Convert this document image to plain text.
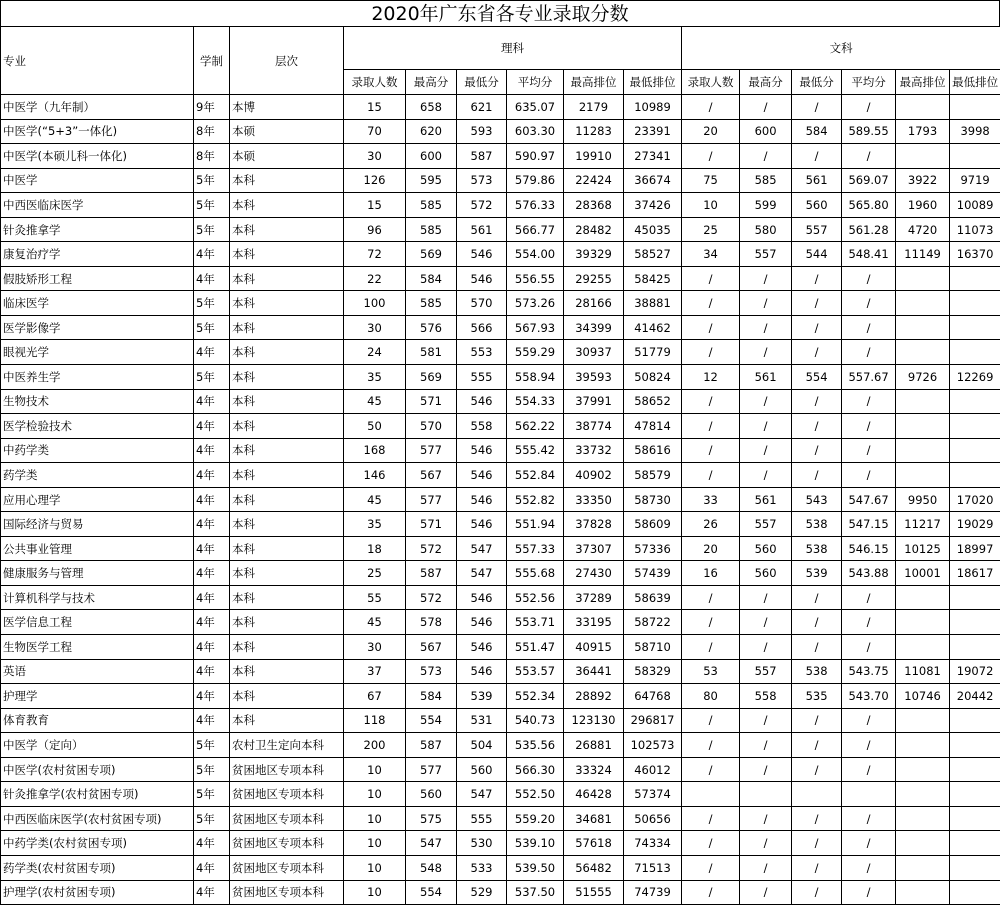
2020年广东省各专业录取分数
专业	学制	层次	理科						文科					
			录取人数	最高分	最低分	平均分	最高排位	最低排位	录取人数	最高分	最低分	平均分	最高排位	最低排位
中医学（九年制）	9年	本博	15	658	621	635.07	2179	10989	/	/	/	/		
中医学(“5+3”一体化)	8年	本硕	70	620	593	603.30	11283	23391	20	600	584	589.55	1793	3998
中医学(本硕儿科一体化)	8年	本硕	30	600	587	590.97	19910	27341	/	/	/	/		
中医学	5年	本科	126	595	573	579.86	22424	36674	75	585	561	569.07	3922	9719
中西医临床医学	5年	本科	15	585	572	576.33	28368	37426	10	599	560	565.80	1960	10089
针灸推拿学	5年	本科	96	585	561	566.77	28482	45035	25	580	557	561.28	4720	11073
康复治疗学	4年	本科	72	569	546	554.00	39329	58527	34	557	544	548.41	11149	16370
假肢矫形工程	4年	本科	22	584	546	556.55	29255	58425	/	/	/	/		
临床医学	5年	本科	100	585	570	573.26	28166	38881	/	/	/	/		
医学影像学	5年	本科	30	576	566	567.93	34399	41462	/	/	/	/		
眼视光学	4年	本科	24	581	553	559.29	30937	51779	/	/	/	/		
中医养生学	5年	本科	35	569	555	558.94	39593	50824	12	561	554	557.67	9726	12269
生物技术	4年	本科	45	571	546	554.33	37991	58652	/	/	/	/		
医学检验技术	4年	本科	50	570	558	562.22	38774	47814	/	/	/	/		
中药学类	4年	本科	168	577	546	555.42	33732	58616	/	/	/	/		
药学类	4年	本科	146	567	546	552.84	40902	58579	/	/	/	/		
应用心理学	4年	本科	45	577	546	552.82	33350	58730	33	561	543	547.67	9950	17020
国际经济与贸易	4年	本科	35	571	546	551.94	37828	58609	26	557	538	547.15	11217	19029
公共事业管理	4年	本科	18	572	547	557.33	37307	57336	20	560	538	546.15	10125	18997
健康服务与管理	4年	本科	25	587	547	555.68	27430	57439	16	560	539	543.88	10001	18617
计算机科学与技术	4年	本科	55	572	546	552.56	37289	58639	/	/	/	/		
医学信息工程	4年	本科	45	578	546	553.71	33195	58722	/	/	/	/		
生物医学工程	4年	本科	30	567	546	551.47	40915	58710	/	/	/	/		
英语	4年	本科	37	573	546	553.57	36441	58329	53	557	538	543.75	11081	19072
护理学	4年	本科	67	584	539	552.34	28892	64768	80	558	535	543.70	10746	20442
体育教育	4年	本科	118	554	531	540.73	123130	296817	/	/	/	/		
中医学（定向）	5年	农村卫生定向本科	200	587	504	535.56	26881	102573	/	/	/	/		
中医学(农村贫困专项)	5年	贫困地区专项本科	10	577	560	566.30	33324	46012	/	/	/	/		
针灸推拿学(农村贫困专项)	5年	贫困地区专项本科	10	560	547	552.50	46428	57374						
中西医临床医学(农村贫困专项)	5年	贫困地区专项本科	10	575	555	559.20	34681	50656	/	/	/	/		
中药学类(农村贫困专项)	4年	贫困地区专项本科	10	547	530	539.10	57618	74334	/	/	/	/		
药学类(农村贫困专项)	4年	贫困地区专项本科	10	548	533	539.50	56482	71513	/	/	/	/		
护理学(农村贫困专项)	4年	贫困地区专项本科	10	554	529	537.50	51555	74739	/	/	/	/		
